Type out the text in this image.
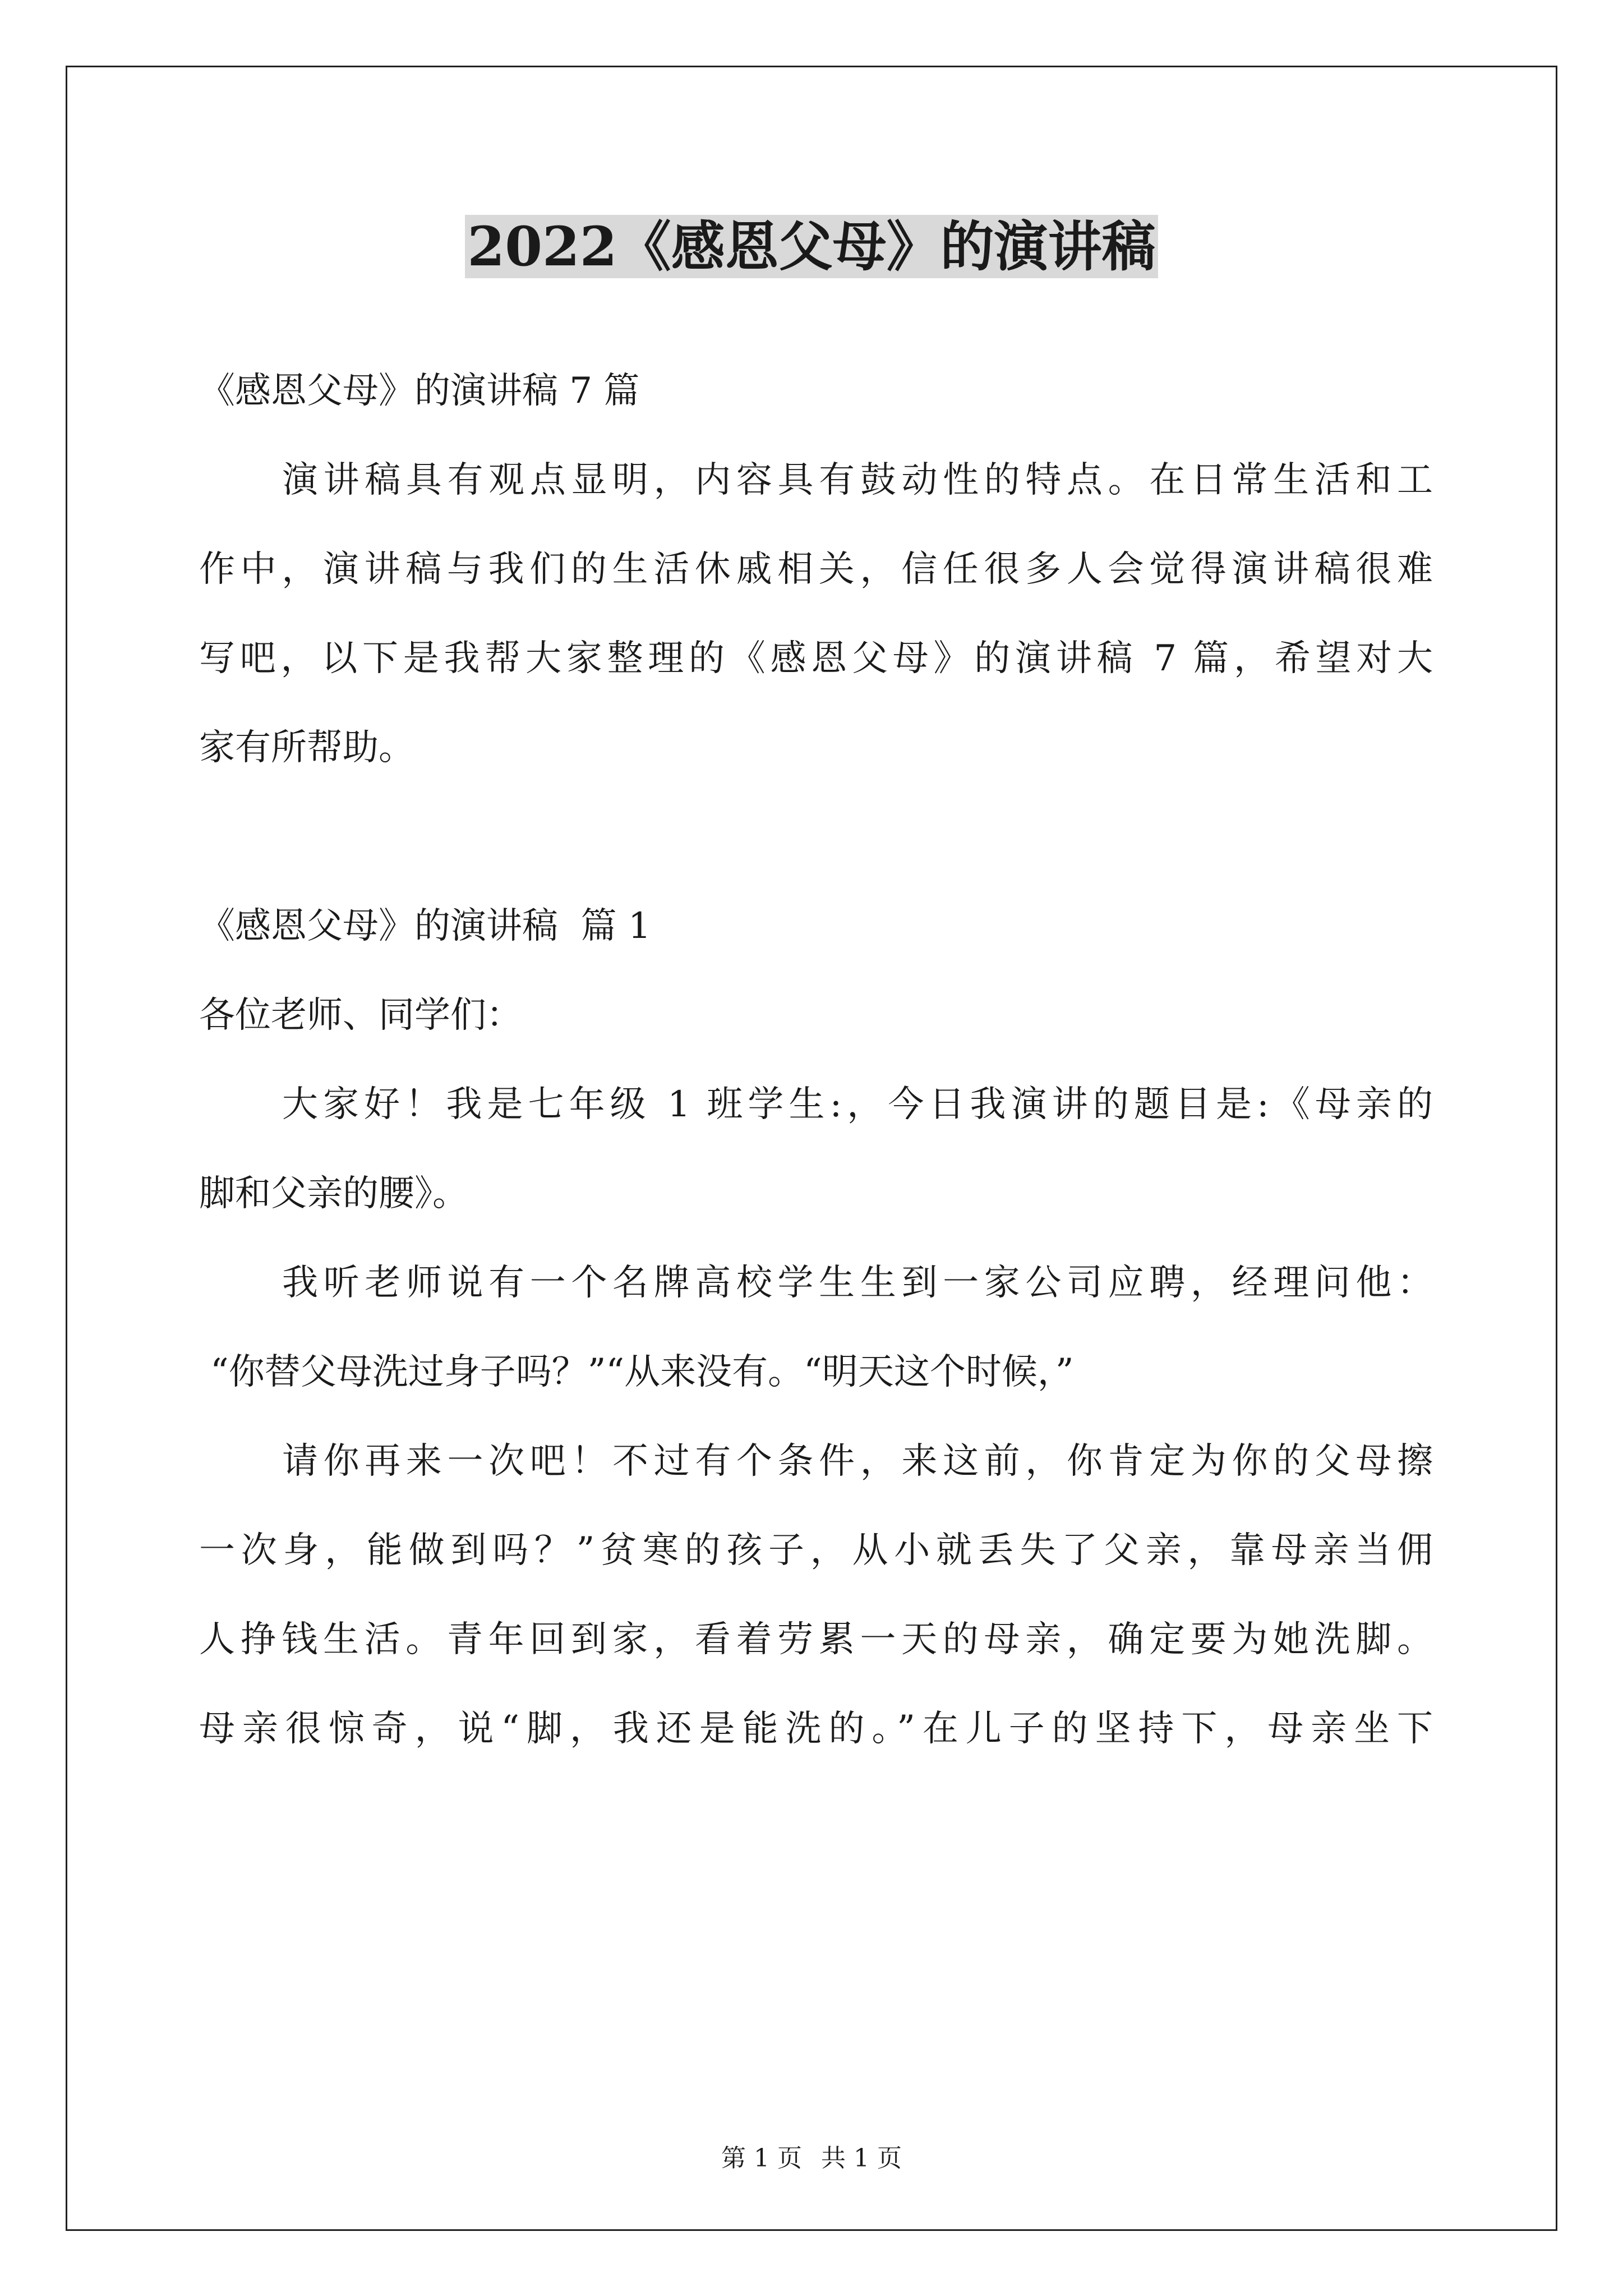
2022《感恩父母》的演讲稿
《感恩父母》的演讲稿 7 篇
演讲稿具有观点显明，内容具有鼓动性的特点。在日常生活和工
作中，演讲稿与我们的生活休戚相关，信任很多人会觉得演讲稿很难
写吧，以下是我帮大家整理的《感恩父母》的演讲稿 7 篇，希望对大
家有所帮助。
《感恩父母》的演讲稿  篇 1
各位老师、同学们：
大家好！我是七年级 1 班学生:，今日我演讲的题目是:《母亲的
脚和父亲的腰》。
我听老师说有一个名牌高校学生生到一家公司应聘，经理问他：
“你替父母洗过身子吗？”“从来没有。“明天这个时候，”
请你再来一次吧！不过有个条件，来这前，你肯定为你的父母擦
一次身，能做到吗？”贫寒的孩子，从小就丢失了父亲，靠母亲当佣
人挣钱生活。青年回到家，看着劳累一天的母亲，确定要为她洗脚。
母亲很惊奇，说“脚，我还是能洗的。”在儿子的坚持下，母亲坐下
第 1 页 共 1 页
